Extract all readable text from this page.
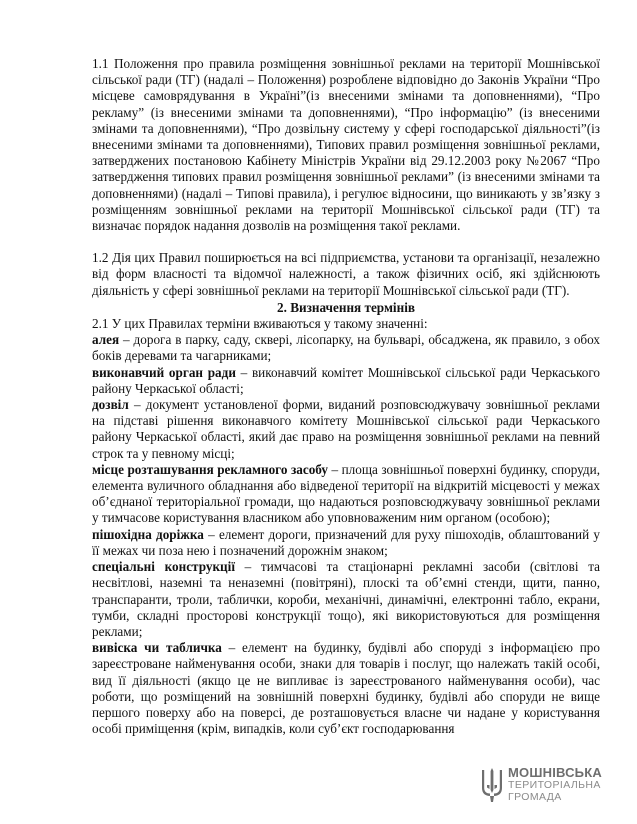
1.1 Положення про правила розміщення зовнішньої реклами на території Мошнівської сільської ради (ТГ) (надалі – Положення) розроблене відповідно до Законів України “Про місцеве самоврядування в Україні”(із внесеними змінами та доповненнями), “Про рекламу” (із внесеними змінами та доповненнями), “Про інформацію” (із внесеними змінами та доповненнями), “Про дозвільну систему у сфері господарської діяльності”(із внесеними змінами та доповненнями), Типових правил розміщення зовнішньої реклами, затверджених постановою Кабінету Міністрів України від 29.12.2003 року №2067 “Про затвердження типових правил розміщення зовнішньої реклами” (із внесеними змінами та доповненнями) (надалі – Типові правила), і регулює відносини, що виникають у зв’язку з розміщенням зовнішньої реклами на території Мошнівської сільської ради (ТГ) та визначає порядок надання дозволів на розміщення такої реклами.

1.2 Дія цих Правил поширюється на всі підприємства, установи та організації, незалежно від форм власності та відомчої належності, а також фізичних осіб, які здійснюють діяльність у сфері зовнішньої реклами на території Мошнівської сільської ради (ТГ).

2. Визначення термінів

2.1 У цих Правилах терміни вживаються у такому значенні:

алея – дорога в парку, саду, сквері, лісопарку, на бульварі, обсаджена, як правило, з обох боків деревами та чагарниками;

виконавчий орган ради – виконавчий комітет Мошнівської сільської ради Черкаського району Черкаської області;

дозвіл – документ установленої форми, виданий розповсюджувачу зовнішньої реклами на підставі рішення виконавчого комітету Мошнівської сільської ради Черкаського району Черкаської області, який дає право на розміщення зовнішньої реклами на певний строк та у певному місці;

місце розташування рекламного засобу – площа зовнішньої поверхні будинку, споруди, елемента вуличного обладнання або відведеної території на відкритій місцевості у межах об’єднаної територіальної громади, що надаються розповсюджувачу зовнішньої реклами у тимчасове користування власником або уповноваженим ним органом (особою);

пішохідна доріжка – елемент дороги, призначений для руху пішоходів, облаштований у її межах чи поза нею і позначений дорожнім знаком;

спеціальні конструкції – тимчасові та стаціонарні рекламні засоби (світлові та несвітлові, наземні та неназемні (повітряні), плоскі та об’ємні стенди, щити, панно, транспаранти, троли, таблички, короби, механічні, динамічні, електронні табло, екрани, тумби, складні просторові конструкції тощо), які використовуються для розміщення реклами;

вивіска чи табличка – елемент на будинку, будівлі або споруді з інформацією про зареєстроване найменування особи, знаки для товарів і послуг, що належать такій особі, вид її діяльності (якщо це не випливає із зареєстрованого найменування особи), час роботи, що розміщений на зовнішній поверхні будинку, будівлі або споруди не вище першого поверху або на поверсі, де розташовується власне чи надане у користування особі приміщення (крім, випадків, коли суб’єкт господарювання

МОШНІВСЬКА
ТЕРИТОРІАЛЬНА
ГРОМАДА
